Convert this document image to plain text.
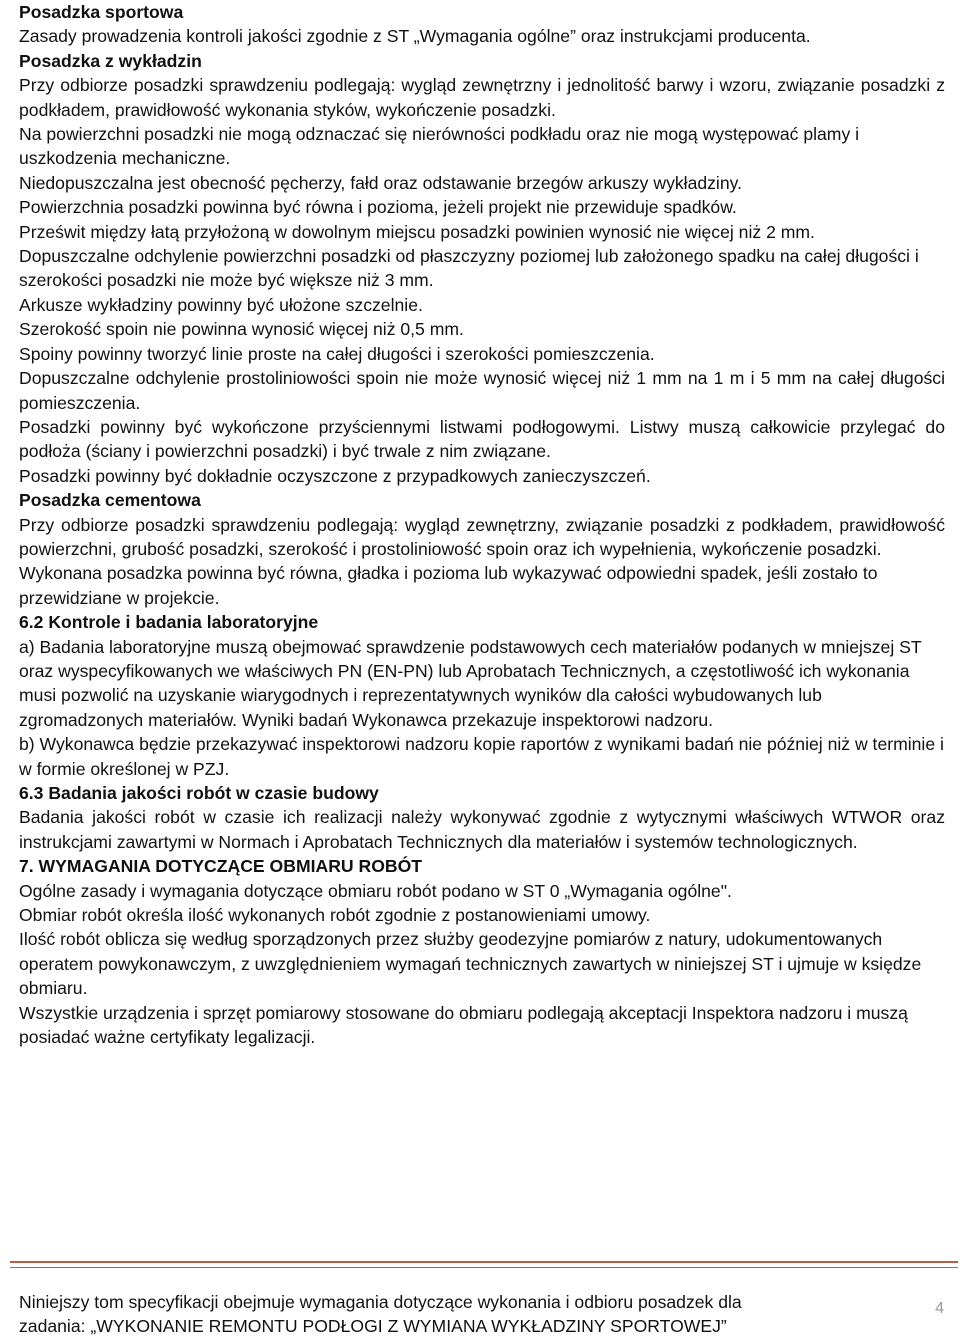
Posadzka sportowa

Zasady prowadzenia kontroli jakości zgodnie z ST „Wymagania ogólne” oraz instrukcjami producenta.

Posadzka z wykładzin

Przy odbiorze posadzki sprawdzeniu podlegają: wygląd zewnętrzny i jednolitość barwy i wzoru, związanie posadzki z podkładem, prawidłowość wykonania styków, wykończenie posadzki.

Na powierzchni posadzki nie mogą odznaczać się nierówności podkładu oraz nie mogą występować plamy i uszkodzenia mechaniczne.

Niedopuszczalna jest obecność pęcherzy, fałd oraz odstawanie brzegów arkuszy wykładziny.

Powierzchnia posadzki powinna być równa i pozioma, jeżeli projekt nie przewiduje spadków.

Prześwit między łatą przyłożoną w dowolnym miejscu posadzki powinien wynosić nie więcej niż 2 mm.

Dopuszczalne odchylenie powierzchni posadzki od płaszczyzny poziomej lub założonego spadku na całej długości i szerokości posadzki nie może być większe niż 3 mm.

Arkusze wykładziny powinny być ułożone szczelnie.

Szerokość spoin nie powinna wynosić więcej niż 0,5 mm.

Spoiny powinny tworzyć linie proste na całej długości i szerokości pomieszczenia.

Dopuszczalne odchylenie prostoliniowości spoin nie może wynosić więcej niż 1 mm na 1 m i 5 mm na całej długości pomieszczenia.

Posadzki powinny być wykończone przyściennymi listwami podłogowymi. Listwy muszą całkowicie przylegać do podłoża (ściany i powierzchni posadzki) i być trwale z nim związane.

Posadzki powinny być dokładnie oczyszczone z przypadkowych zanieczyszczeń.

Posadzka cementowa

Przy odbiorze posadzki sprawdzeniu podlegają: wygląd zewnętrzny, związanie posadzki z podkładem, prawidłowość powierzchni, grubość posadzki, szerokość i prostoliniowość spoin oraz ich wypełnienia, wykończenie posadzki.

Wykonana posadzka powinna być równa, gładka i pozioma lub wykazywać odpowiedni spadek, jeśli zostało to przewidziane w projekcie.

6.2 Kontrole i badania laboratoryjne

a) Badania laboratoryjne muszą obejmować sprawdzenie podstawowych cech materiałów podanych w mniejszej ST oraz wyspecyfikowanych we właściwych PN (EN-PN) lub Aprobatach Technicznych, a częstotliwość ich wykonania musi pozwolić na uzyskanie wiarygodnych i reprezentatywnych wyników dla całości wybudowanych lub zgromadzonych materiałów. Wyniki badań Wykonawca przekazuje inspektorowi nadzoru.

b) Wykonawca będzie przekazywać inspektorowi nadzoru kopie raportów z wynikami badań nie później niż w terminie i w formie określonej w PZJ.

6.3 Badania jakości robót w czasie budowy

Badania jakości robót w czasie ich realizacji należy wykonywać zgodnie z wytycznymi właściwych WTWOR oraz instrukcjami zawartymi w Normach i Aprobatach Technicznych dla materiałów i systemów technologicznych.

7. WYMAGANIA DOTYCZĄCE OBMIARU ROBÓT

Ogólne zasady i wymagania dotyczące obmiaru robót podano w ST 0 „Wymagania ogólne".

Obmiar robót określa ilość wykonanych robót zgodnie z postanowieniami umowy.

Ilość robót oblicza się według sporządzonych przez służby geodezyjne pomiarów z natury, udokumentowanych operatem powykonawczym, z uwzględnieniem wymagań technicznych zawartych w niniejszej ST i ujmuje w księdze obmiaru.

Wszystkie urządzenia i sprzęt pomiarowy stosowane do obmiaru podlegają akceptacji Inspektora nadzoru i muszą posiadać ważne certyfikaty legalizacji.

Niniejszy tom specyfikacji obejmuje wymagania dotyczące wykonania i odbioru posadzek dla

zadania: „WYKONANIE REMONTU PODŁOGI Z WYMIANA WYKŁADZINY SPORTOWEJ”

4
